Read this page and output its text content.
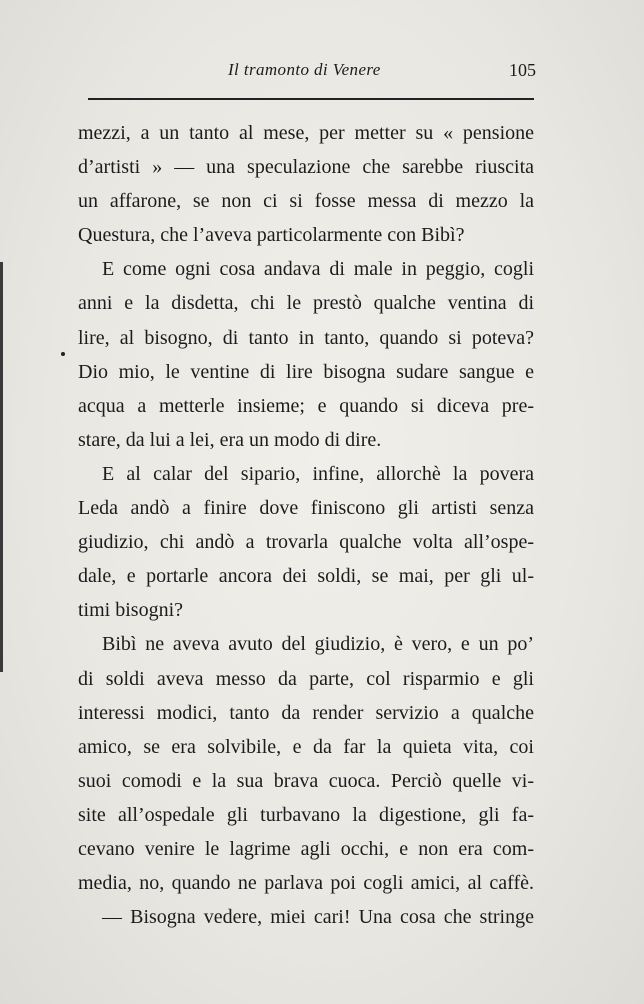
Il tramonto di Venere	105
mezzi, a un tanto al mese, per metter su « pensione
d’artisti » — una speculazione che sarebbe riuscita
un affarone, se non ci si fosse messa di mezzo la
Questura, che l’aveva particolarmente con Bibì?
E come ogni cosa andava di male in peggio, cogli
anni e la disdetta, chi le prestò qualche ventina di
lire, al bisogno, di tanto in tanto, quando si poteva?
Dio mio, le ventine di lire bisogna sudare sangue e
acqua a metterle insieme; e quando si diceva pre-
stare, da lui a lei, era un modo di dire.
E al calar del sipario, infine, allorchè la povera
Leda andò a finire dove finiscono gli artisti senza
giudizio, chi andò a trovarla qualche volta all’ospe-
dale, e portarle ancora dei soldi, se mai, per gli ul-
timi bisogni?
Bibì ne aveva avuto del giudizio, è vero, e un po’
di soldi aveva messo da parte, col risparmio e gli
interessi modici, tanto da render servizio a qualche
amico, se era solvibile, e da far la quieta vita, coi
suoi comodi e la sua brava cuoca. Perciò quelle vi-
site all’ospedale gli turbavano la digestione, gli fa-
cevano venire le lagrime agli occhi, e non era com-
media, no, quando ne parlava poi cogli amici, al caffè.
— Bisogna vedere, miei cari! Una cosa che stringe
